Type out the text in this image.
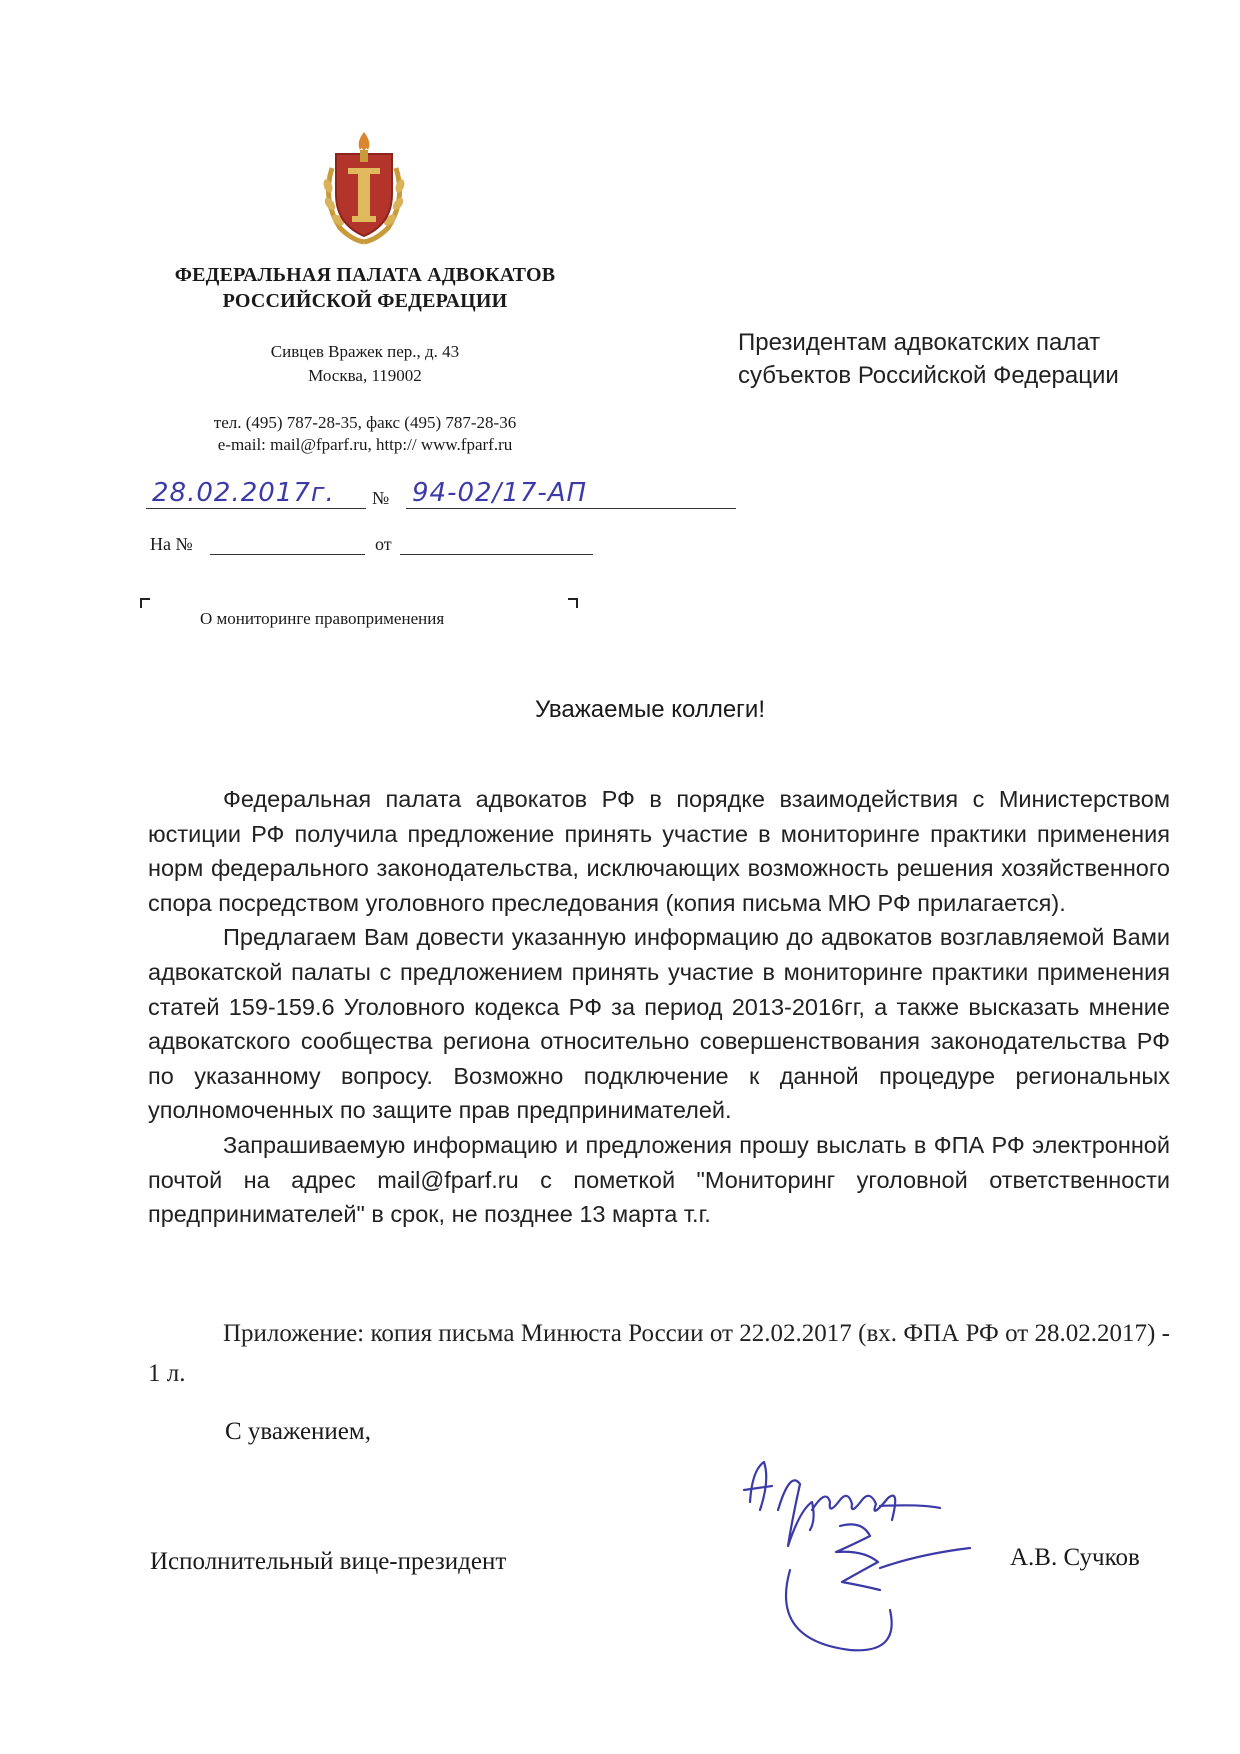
ФЕДЕРАЛЬНАЯ ПАЛАТА АДВОКАТОВ
РОССИЙСКОЙ ФЕДЕРАЦИИ
Сивцев Вражек пер., д. 43
Москва, 119002
тел. (495) 787-28-35, факс (495) 787-28-36
e-mail: mail@fparf.ru, http:// www.fparf.ru
Президентам адвокатских палат
субъектов Российской Федерации
28.02.2017г. № 94-02/17-АП
На №	от
О мониторинге правоприменения
Уважаемые коллеги!

Федеральная палата адвокатов РФ в порядке взаимодействия с Министерством юстиции РФ получила предложение принять участие в мониторинге практики применения норм федерального законодательства, исключающих возможность решения хозяйственного спора посредством уголовного преследования (копия письма МЮ РФ прилагается).

Предлагаем Вам довести указанную информацию до адвокатов возглавляемой Вами адвокатской палаты с предложением принять участие в мониторинге практики применения статей 159-159.6 Уголовного кодекса РФ за период 2013-2016гг, а также высказать мнение адвокатского сообщества региона относительно совершенствования законодательства РФ по указанному вопросу. Возможно подключение к данной процедуре региональных уполномоченных по защите прав предпринимателей.

Запрашиваемую информацию и предложения прошу выслать в ФПА РФ электронной почтой на адрес mail@fparf.ru с пометкой "Мониторинг уголовной ответственности предпринимателей" в срок, не позднее 13 марта т.г.

Приложение: копия письма Минюста России от 22.02.2017 (вх. ФПА РФ от 28.02.2017) - 1 л.

С уважением,
Исполнительный вице-президент	А.В. Сучков
